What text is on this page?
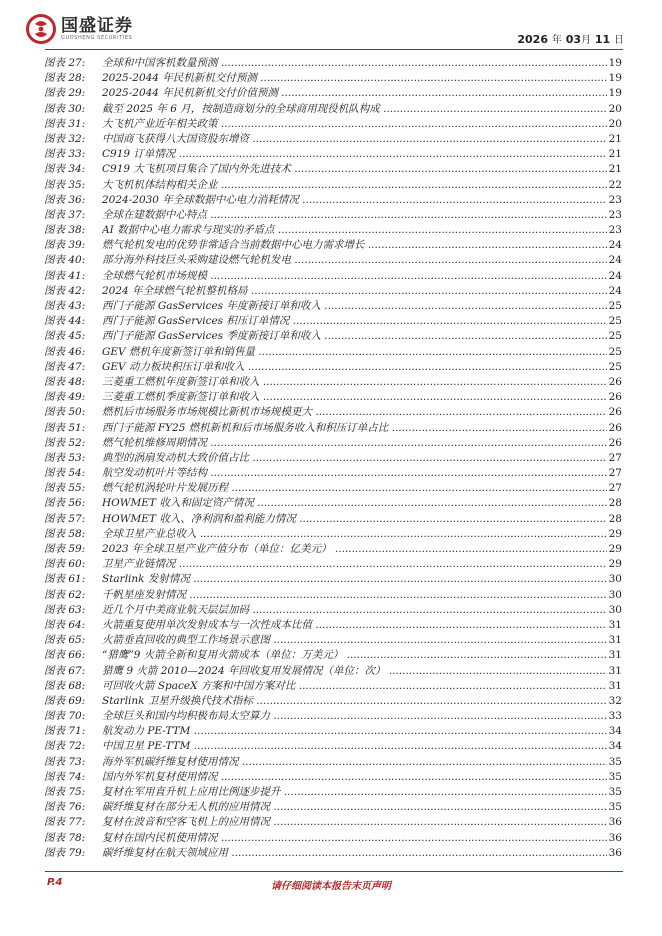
国盛证券
GUOSHENG SECURITIES	2026 年 03月 11 日
图表 27: 全球和中国客机数量预测 .....	19
图表 28: 2025-2044 年民机新机交付预测 .....	19
图表 29: 2025-2044 年民机新机交付价值预测 .....	19
图表 30: 截至 2025 年 6 月，按制造商划分的全球商用现役机队构成 .....	20
图表 31: 大飞机产业近年相关政策 .....	20
图表 32: 中国商飞获得八大国资股东增资 .....	21
图表 33: C919 订单情况 .....	21
图表 34: C919 大飞机项目集合了国内外先进技术 .....	21
图表 35: 大飞机机体结构相关企业 .....	22
图表 36: 2024-2030 年全球数据中心电力消耗情况 .....	23
图表 37: 全球在建数据中心特点 .....	23
图表 38: AI 数据中心电力需求与现实的矛盾点 .....	23
图表 39: 燃气轮机发电的优势非常适合当前数据中心电力需求增长 .....	24
图表 40: 部分海外科技巨头采购建设燃气轮机发电 .....	24
图表 41: 全球燃气轮机市场规模 .....	24
图表 42: 2024 年全球燃气轮机整机格局 .....	24
图表 43: 西门子能源 GasServices 年度新接订单和收入 .....	25
图表 44: 西门子能源 GasServices 积压订单情况 .....	25
图表 45: 西门子能源 GasServices 季度新接订单和收入 .....	25
图表 46: GEV 燃机年度新签订单和销售量 .....	25
图表 47: GEV 动力板块积压订单和收入 .....	25
图表 48: 三菱重工燃机年度新签订单和收入 .....	26
图表 49: 三菱重工燃机季度新签订单和收入 .....	26
图表 50: 燃机后市场服务市场规模比新机市场规模更大 .....	26
图表 51: 西门子能源 FY25 燃机新机和后市场服务收入和积压订单占比 .....	26
图表 52: 燃气轮机维修周期情况 .....	26
图表 53: 典型的涡扇发动机大致价值占比 .....	27
图表 54: 航空发动机叶片等结构 .....	27
图表 55: 燃气轮机涡轮叶片发展历程 .....	27
图表 56: HOWMET 收入和固定资产情况 .....	28
图表 57: HOWMET 收入、净利润和盈利能力情况 .....	28
图表 58: 全球卫星产业总收入 .....	29
图表 59: 2023 年全球卫星产业产值分布（单位：亿美元） .....	29
图表 60: 卫星产业链情况 .....	29
图表 61: Starlink 发射情况 .....	30
图表 62: 千帆星座发射情况 .....	30
图表 63: 近几个月中美商业航天层层加码 .....	30
图表 64: 火箭重复使用单次发射成本与一次性成本比值 .....	31
图表 65: 火箭垂直回收的典型工作场景示意图 .....	31
图表 66: “猎鹰”9 火箭全新和复用火箭成本（单位：万美元） .....	31
图表 67: 猎鹰 9 火箭 2010—2024 年回收复用发展情况（单位：次） .....	31
图表 68: 可回收火箭 SpaceX 方案和中国方案对比 .....	31
图表 69: Starlink 卫星升级换代技术指标 .....	32
图表 70: 全球巨头和国内均积极布局太空算力 .....	33
图表 71: 航发动力 PE-TTM .....	34
图表 72: 中国卫星 PE-TTM .....	34
图表 73: 海外军机碳纤维复材使用情况 .....	35
图表 74: 国内外军机复材使用情况 .....	35
图表 75: 复材在军用直升机上应用比例逐步提升 .....	35
图表 76: 碳纤维复材在部分无人机的应用情况 .....	35
图表 77: 复材在波音和空客飞机上的应用情况 .....	36
图表 78: 复材在国内民机使用情况 .....	36
图表 79: 碳纤维复材在航天领域应用 .....	36
P.4	请仔细阅读本报告末页声明
